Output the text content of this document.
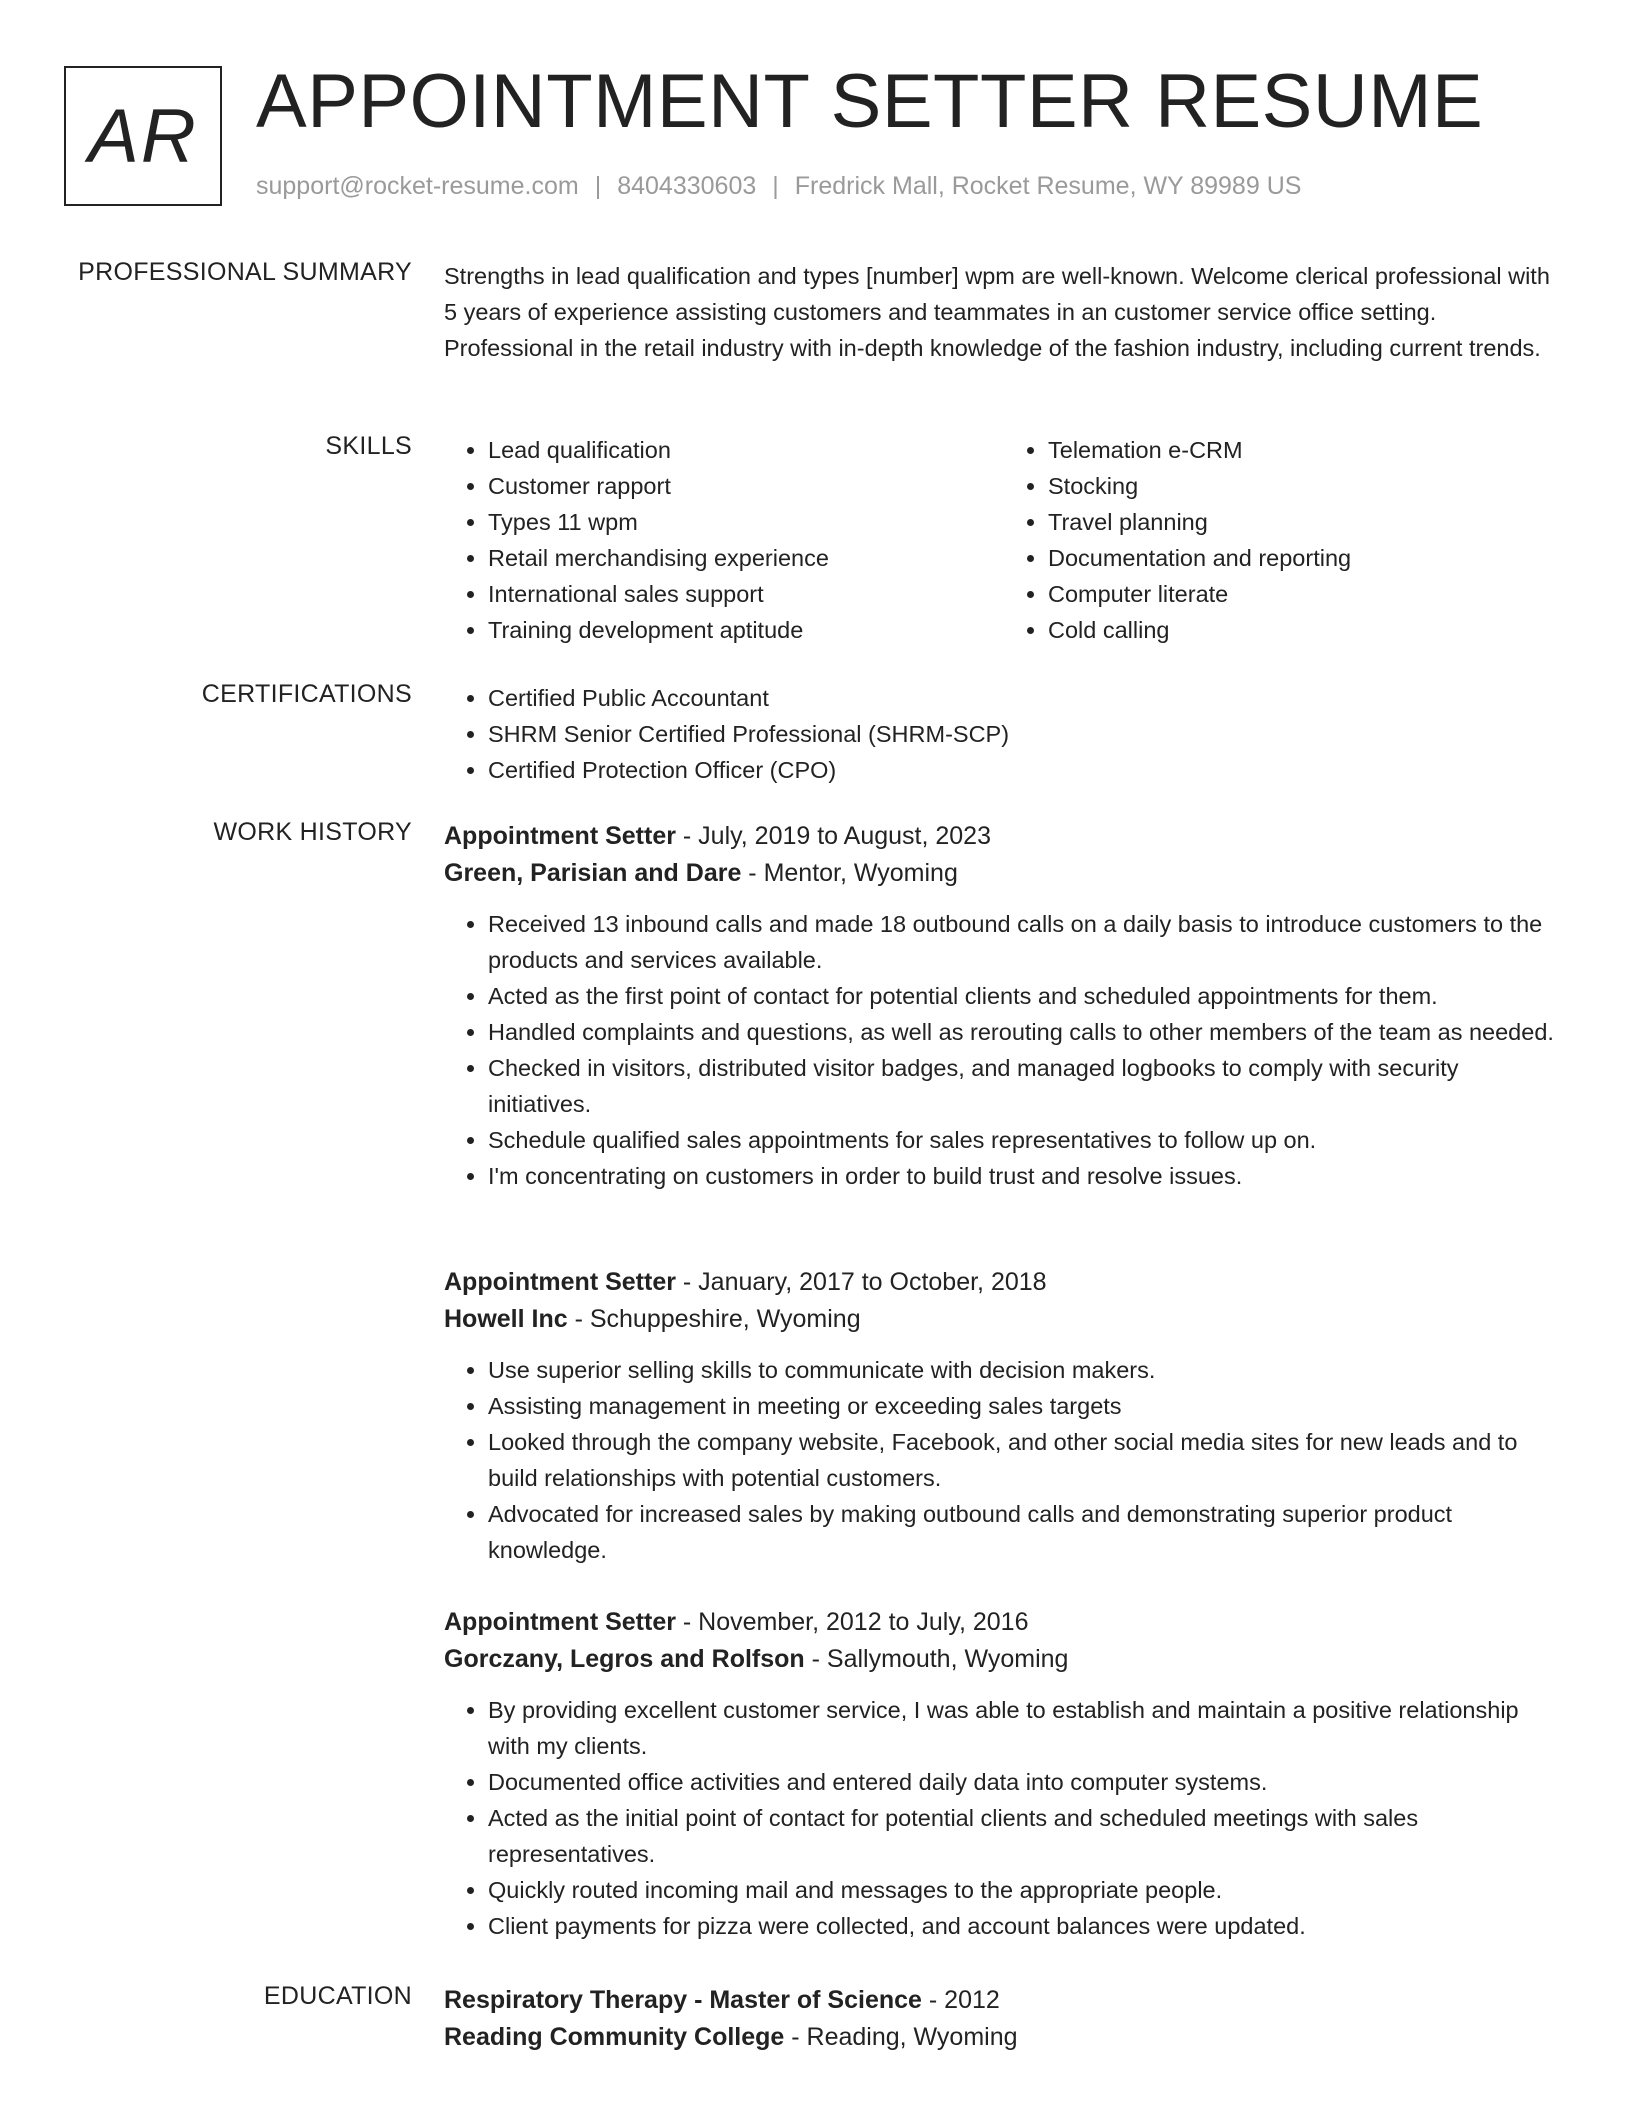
AR APPOINTMENT SETTER RESUME
support@rocket-resume.com | 8404330603 | Fredrick Mall, Rocket Resume, WY 89989 US
PROFESSIONAL SUMMARY Strengths in lead qualification and types [number] wpm are well-known. Welcome clerical professional with 5 years of experience assisting customers and teammates in an customer service office setting. Professional in the retail industry with in-depth knowledge of the fashion industry, including current trends.
SKILLS	• Lead qualification
• Customer rapport
• Types 11 wpm
• Retail merchandising experience
• International sales support
• Training development aptitude
• Telemation e-CRM
• Stocking
• Travel planning
• Documentation and reporting
• Computer literate
• Cold calling
CERTIFICATIONS	• Certified Public Accountant
• SHRM Senior Certified Professional (SHRM-SCP)
• Certified Protection Officer (CPO)
WORK HISTORY Appointment Setter - July, 2019 to August, 2023
Green, Parisian and Dare - Mentor, Wyoming
• Received 13 inbound calls and made 18 outbound calls on a daily basis to introduce customers to the products and services available.
• Acted as the first point of contact for potential clients and scheduled appointments for them.
• Handled complaints and questions, as well as rerouting calls to other members of the team as needed.
• Checked in visitors, distributed visitor badges, and managed logbooks to comply with security initiatives.
• Schedule qualified sales appointments for sales representatives to follow up on.
• I'm concentrating on customers in order to build trust and resolve issues.
Appointment Setter - January, 2017 to October, 2018
Howell Inc - Schuppeshire, Wyoming
• Use superior selling skills to communicate with decision makers.
• Assisting management in meeting or exceeding sales targets
• Looked through the company website, Facebook, and other social media sites for new leads and to build relationships with potential customers.
• Advocated for increased sales by making outbound calls and demonstrating superior product knowledge.
Appointment Setter - November, 2012 to July, 2016
Gorczany, Legros and Rolfson - Sallymouth, Wyoming
• By providing excellent customer service, I was able to establish and maintain a positive relationship with my clients.
• Documented office activities and entered daily data into computer systems.
• Acted as the initial point of contact for potential clients and scheduled meetings with sales representatives.
• Quickly routed incoming mail and messages to the appropriate people.
• Client payments for pizza were collected, and account balances were updated.
EDUCATION Respiratory Therapy - Master of Science - 2012
Reading Community College - Reading, Wyoming
